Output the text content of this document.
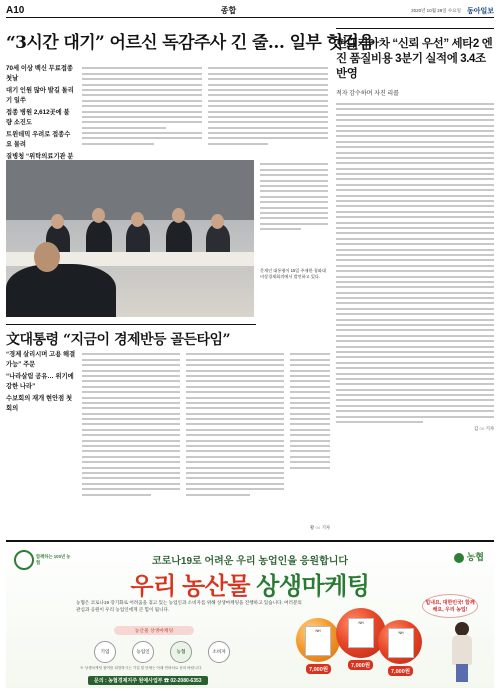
A10	종합	2020년 10월 28일 수요일 동아일보
“3시간 대기” 어르신 독감주사 긴 줄… 일부 헛걸음

70세 이상 백신 무료접종 첫날

대기 인원 많아 발길 돌리기 일쑤

접종 병원 2,612곳에 불량 소진도

트윈데믹 우려로 접종수요 몰려

질병청 “위탁의료기관 분

문재인 대통령이 15일 주재한 청와대 비상경제회의에서 발언하고 있다.

현대기아차 “신뢰 우선” 세타2 엔진 품질비용 3분기 실적에 3.4조 반영
적자 감수하며 자진 리콜
김 ○○ 기자
文대통령 “지금이 경제반등 골든타임”

“경제 살리시며 고용 해결 가능” 주문

“나라살림 공유… 위기에 강한 나라”

수보회의 재개 현안점 첫 회의

황 ○○ 기자
함께하는 100년 농협	농협
코로나19로 어려운 우리 농업인을 응원합니다
우리 농산물 상생마케팅
농협은 코로나19 장기화로 어려움을 겪고 있는 농업인과 소비자를 위해 상생마케팅을 진행하고 있습니다. 여러분의 관심과 응원이 우리 농업인에게 큰 힘이 됩니다.
농산물 상생마케팅
기업	농업인	농협	소비자
※ 상생마케팅 참여를 희망하시는 기업 및 단체는 아래 연락처로 문의 바랍니다.
문의 : 농협경제지주 원예사업부 ☎ 02-2080-6353
NH
NH
NH
7,000원
7,000원
7,000원
힘내요, 대한민국! 함께해요, 우리 농업!
